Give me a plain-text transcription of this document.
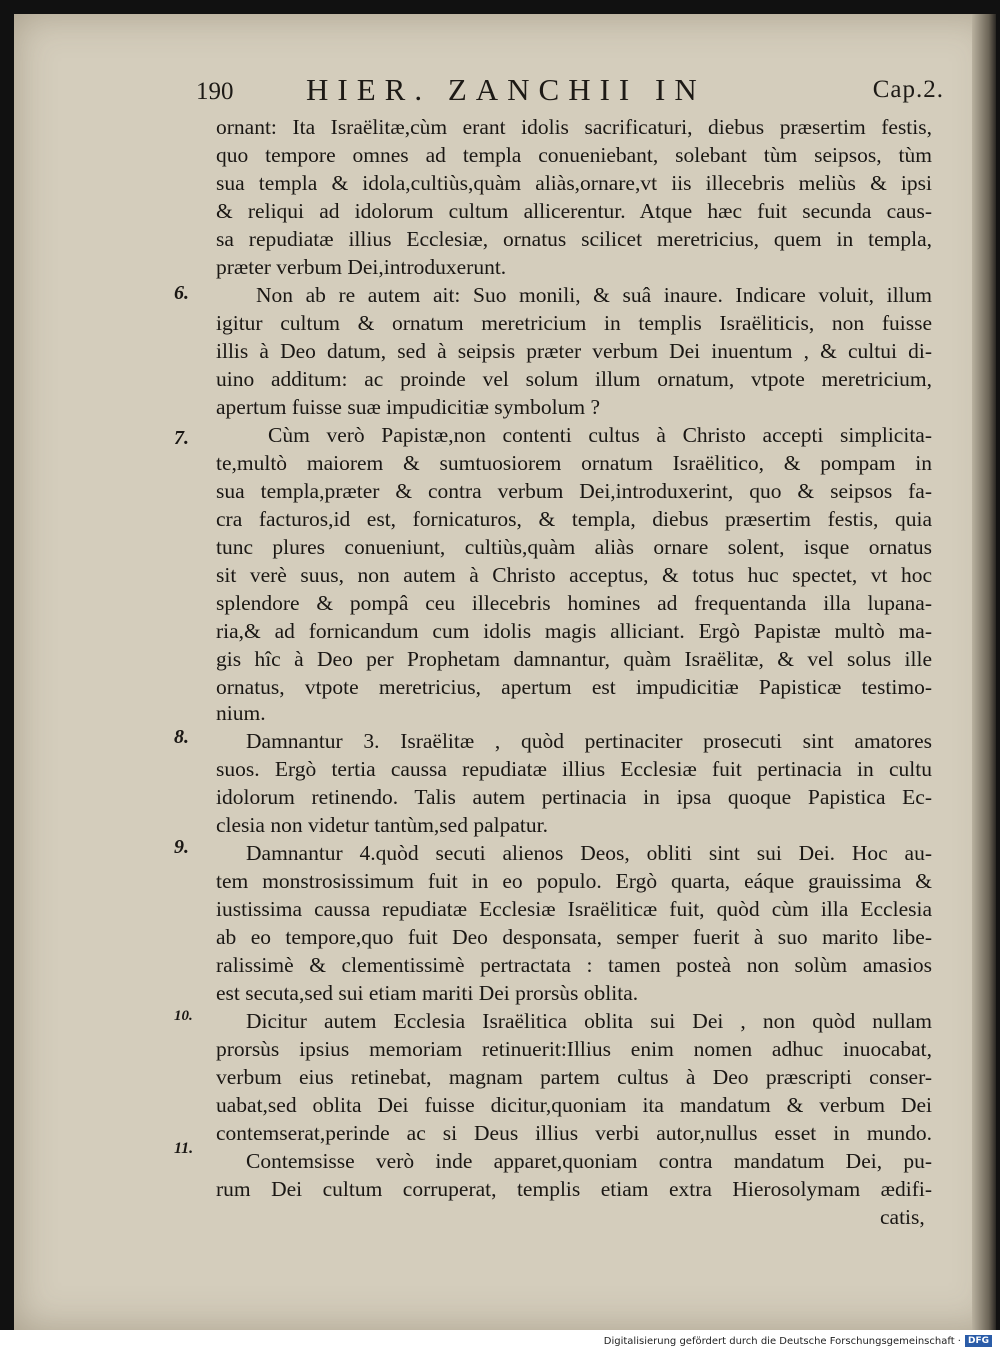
190 HIER. ZANCHII IN	Cap.2.
ornant: Ita Israëlitæ,cùm erant idolis sacrificaturi, diebus præsertim festis,
quo tempore omnes ad templa conueniebant, solebant tùm seipsos, tùm
sua templa & idola,cultiùs,quàm aliàs,ornare,vt iis illecebris meliùs & ipsi
& reliqui ad idolorum cultum allicerentur. Atque hæc fuit secunda caus-
sa repudiatæ illius Ecclesiæ, ornatus scilicet meretricius, quem in templa,
præter verbum Dei,introduxerunt.
Non ab re autem ait: Suo monili, & suâ inaure. Indicare voluit, illum
igitur cultum & ornatum meretricium in templis Israëliticis, non fuisse
illis à Deo datum, sed à seipsis præter verbum Dei inuentum , & cultui di-
uino additum: ac proinde vel solum illum ornatum, vtpote meretricium,
apertum fuisse suæ impudicitiæ symbolum ?
Cùm verò Papistæ,non contenti cultus à Christo accepti simplicita-
te,multò maiorem & sumtuosiorem ornatum Israëlitico, & pompam in
sua templa,præter & contra verbum Dei,introduxerint, quo & seipsos fa-
cra facturos,id est, fornicaturos, & templa, diebus præsertim festis, quia
tunc plures conueniunt, cultiùs,quàm aliàs ornare solent, isque ornatus
sit verè suus, non autem à Christo acceptus, & totus huc spectet, vt hoc
splendore & pompâ ceu illecebris homines ad frequentanda illa lupana-
ria,& ad fornicandum cum idolis magis alliciant. Ergò Papistæ multò ma-
gis hîc à Deo per Prophetam damnantur, quàm Israëlitæ, & vel solus ille
ornatus, vtpote meretricius, apertum est impudicitiæ Papisticæ testimo-
nium.
Damnantur 3. Israëlitæ , quòd pertinaciter prosecuti sint amatores
suos. Ergò tertia caussa repudiatæ illius Ecclesiæ fuit pertinacia in cultu
idolorum retinendo. Talis autem pertinacia in ipsa quoque Papistica Ec-
clesia non videtur tantùm,sed palpatur.
Damnantur 4.quòd secuti alienos Deos, obliti sint sui Dei. Hoc au-
tem monstrosissimum fuit in eo populo. Ergò quarta, eáque grauissima &
iustissima caussa repudiatæ Ecclesiæ Israëliticæ fuit, quòd cùm illa Ecclesia
ab eo tempore,quo fuit Deo desponsata, semper fuerit à suo marito libe-
ralissimè & clementissimè pertractata : tamen posteà non solùm amasios
est secuta,sed sui etiam mariti Dei prorsùs oblita.
Dicitur autem Ecclesia Israëlitica oblita sui Dei , non quòd nullam
prorsùs ipsius memoriam retinuerit:Illius enim nomen adhuc inuocabat,
verbum eius retinebat, magnam partem cultus à Deo præscripti conser-
uabat,sed oblita Dei fuisse dicitur,quoniam ita mandatum & verbum Dei
contemserat,perinde ac si Deus illius verbi autor,nullus esset in mundo.
Contemsisse verò inde apparet,quoniam contra mandatum Dei, pu-
rum Dei cultum corruperat, templis etiam extra Hierosolymam ædifi-
catis,
6.
7.
8.
9.
10.
11.
Digitalisierung gefördert durch die Deutsche Forschungsgemeinschaft · DFG
